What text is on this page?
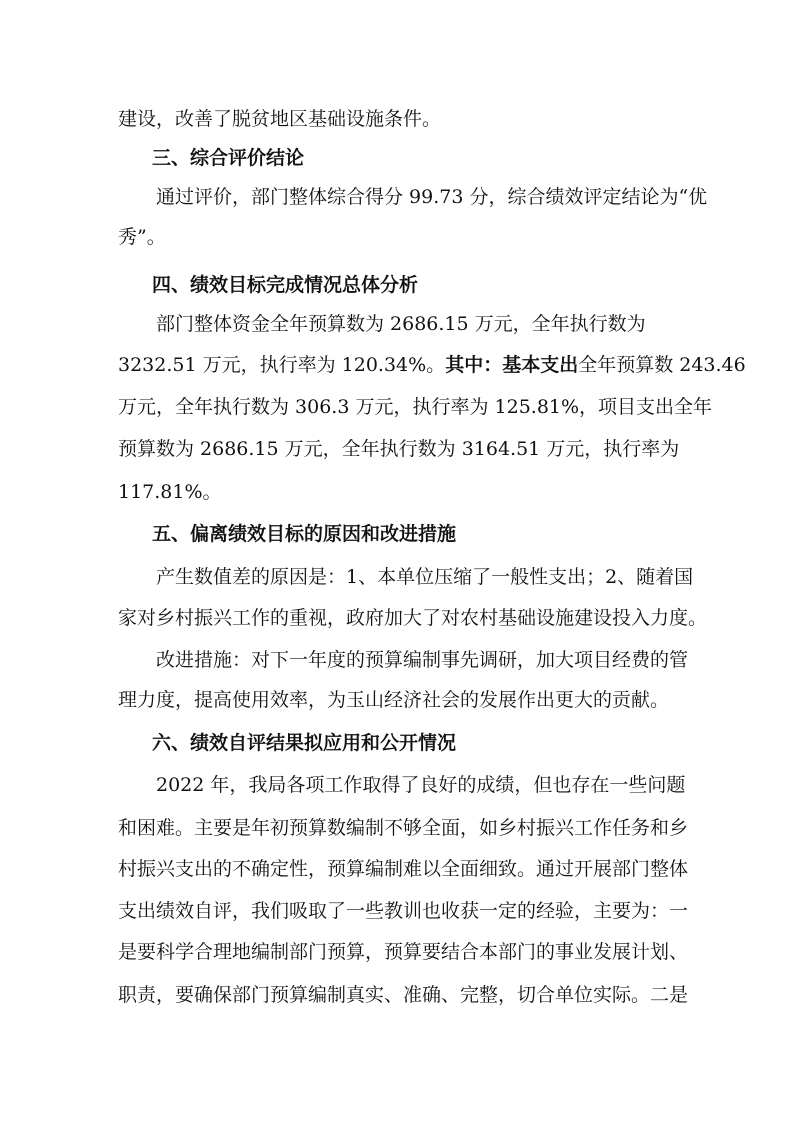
建设，改善了脱贫地区基础设施条件。
三、综合评价结论
通过评价，部门整体综合得分 99.73 分，综合绩效评定结论为“优
秀”。
四、绩效目标完成情况总体分析
部门整体资金全年预算数为 2686.15 万元，全年执行数为
3232.51 万元，执行率为 120.34%。其中：基本支出全年预算数 243.46
万元，全年执行数为 306.3 万元，执行率为 125.81%，项目支出全年
预算数为 2686.15 万元，全年执行数为 3164.51 万元，执行率为
117.81%。
五、偏离绩效目标的原因和改进措施
产生数值差的原因是：1、本单位压缩了一般性支出；2、随着国
家对乡村振兴工作的重视，政府加大了对农村基础设施建设投入力度。
改进措施：对下一年度的预算编制事先调研，加大项目经费的管
理力度，提高使用效率，为玉山经济社会的发展作出更大的贡献。
六、绩效自评结果拟应用和公开情况
2022 年，我局各项工作取得了良好的成绩，但也存在一些问题
和困难。主要是年初预算数编制不够全面，如乡村振兴工作任务和乡
村振兴支出的不确定性，预算编制难以全面细致。通过开展部门整体
支出绩效自评，我们吸取了一些教训也收获一定的经验，主要为：一
是要科学合理地编制部门预算，预算要结合本部门的事业发展计划、
职责，要确保部门预算编制真实、准确、完整，切合单位实际。二是
